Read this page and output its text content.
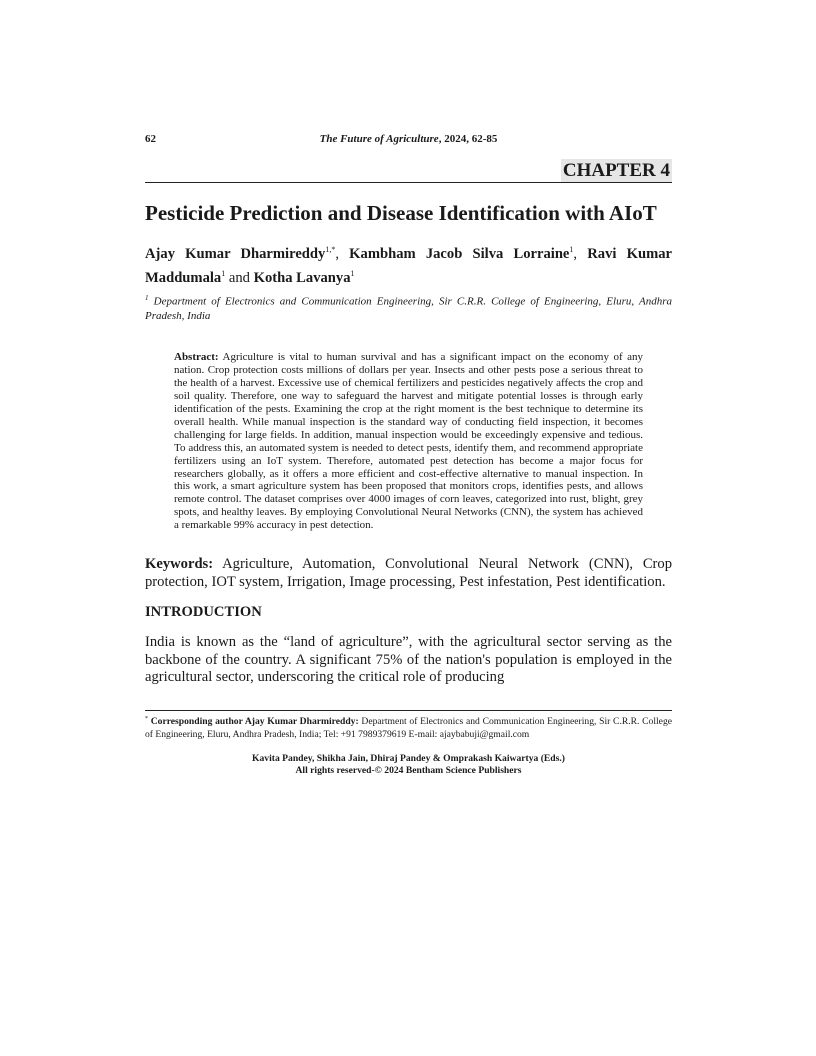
62	The Future of Agriculture, 2024, 62-85
CHAPTER 4
Pesticide Prediction and Disease Identification with AIoT
Ajay Kumar Dharmireddy$^{1,*}$, Kambham Jacob Silva Lorraine$^1$, Ravi Kumar Maddumala$^1$ and Kotha Lavanya$^1$
$^1$ Department of Electronics and Communication Engineering, Sir C.R.R. College of Engineering, Eluru, Andhra Pradesh, India
Abstract: Agriculture is vital to human survival and has a significant impact on the economy of any nation. Crop protection costs millions of dollars per year. Insects and other pests pose a serious threat to the health of a harvest. Excessive use of chemical fertilizers and pesticides negatively affects the crop and soil quality. Therefore, one way to safeguard the harvest and mitigate potential losses is through early identification of the pests. Examining the crop at the right moment is the best technique to determine its overall health. While manual inspection is the standard way of conducting field inspection, it becomes challenging for large fields. In addition, manual inspection would be exceedingly expensive and tedious. To address this, an automated system is needed to detect pests, identify them, and recommend appropriate fertilizers using an IoT system. Therefore, automated pest detection has become a major focus for researchers globally, as it offers a more efficient and cost-effective alternative to manual inspection. In this work, a smart agriculture system has been proposed that monitors crops, identifies pests, and allows remote control. The dataset comprises over 4000 images of corn leaves, categorized into rust, blight, grey spots, and healthy leaves. By employing Convolutional Neural Networks (CNN), the system has achieved a remarkable 99% accuracy in pest detection.
Keywords: Agriculture, Automation, Convolutional Neural Network (CNN), Crop protection, IOT system, Irrigation, Image processing, Pest infestation, Pest identification.
INTRODUCTION
India is known as the “land of agriculture”, with the agricultural sector serving as the backbone of the country. A significant 75% of the nation's population is employed in the agricultural sector, underscoring the critical role of producing
* Corresponding author Ajay Kumar Dharmireddy: Department of Electronics and Communication Engineering, Sir C.R.R. College of Engineering, Eluru, Andhra Pradesh, India; Tel: +91 7989379619 E-mail: ajaybabuji@gmail.com
Kavita Pandey, Shikha Jain, Dhiraj Pandey & Omprakash Kaiwartya (Eds.)
All rights reserved-© 2024 Bentham Science Publishers
